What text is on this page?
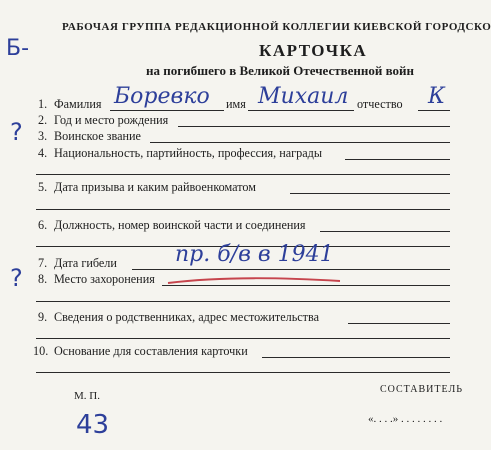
РАБОЧАЯ ГРУППА РЕДАКЦИОННОЙ КОЛЛЕГИИ КИЕВСКОЙ ГОРОДСКО
КАРТОЧКА
на погибшего в Великой Отечественной войн
Б-
1. Фамилия Боревко имя Михаил отчество К
2. Год и место рождения
? 3. Воинское звание
4. Национальность, партийность, профессия, награды
5. Дата призыва и каким райвоенкоматом
6. Должность, номер воинской части и соединения
7. Дата гибели	пр. б/в в 1941
? 8. Место захоронения
9. Сведения о родственниках, адрес местожительства
10. Основание для составления карточки
М. П.
СОСТАВИТЕЛЬ
«. . . .» . . . . . . . .
43
